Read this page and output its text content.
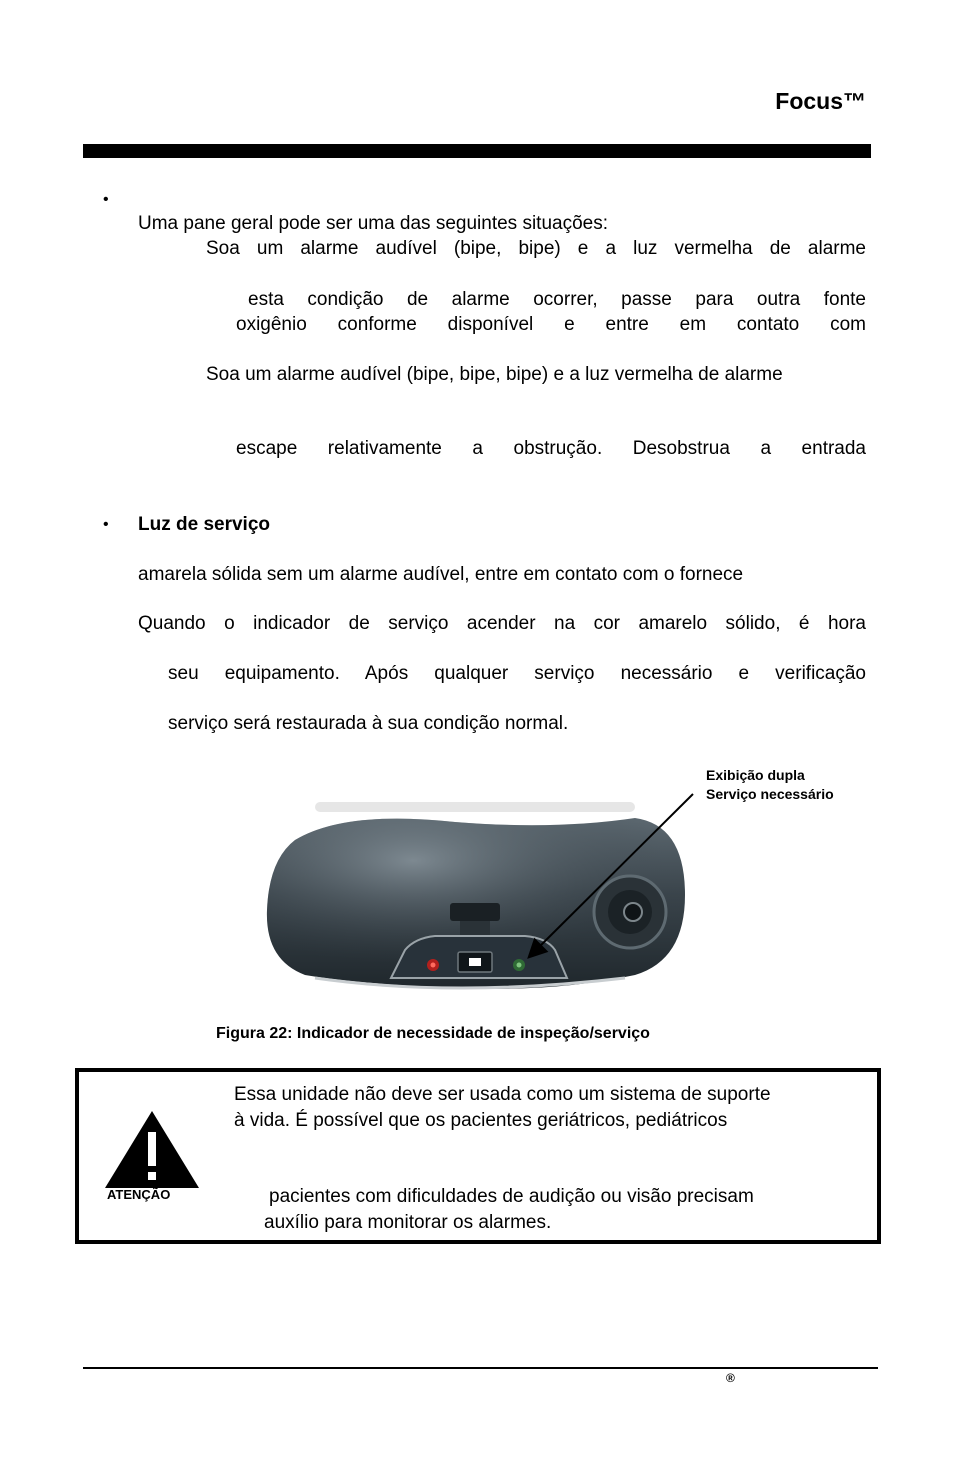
Focus™
•
Uma pane geral pode ser uma das seguintes situações:
Soa um alarme audível (bipe, bipe) e a luz vermelha de alarme
esta condição de alarme ocorrer, passe para outra fonte
oxigênio conforme disponível e entre em contato com
Soa um alarme audível (bipe, bipe, bipe) e a luz vermelha de alarme
escape relativamente a obstrução. Desobstrua a entrada
• Luz de serviço
amarela sólida sem um alarme audível, entre em contato com o fornece
Quando o indicador de serviço acender na cor amarelo sólido, é hora
seu equipamento. Após qualquer serviço necessário e verificação
serviço será restaurada à sua condição normal.
Exibição dupla
Serviço necessário
Figura 22: Indicador de necessidade de inspeção/serviço
ATENÇÃO
Essa unidade não deve ser usada como um sistema de suporte
à vida. É possível que os pacientes geriátricos, pediátricos
pacientes com dificuldades de audição ou visão precisam
auxílio para monitorar os alarmes.
®
